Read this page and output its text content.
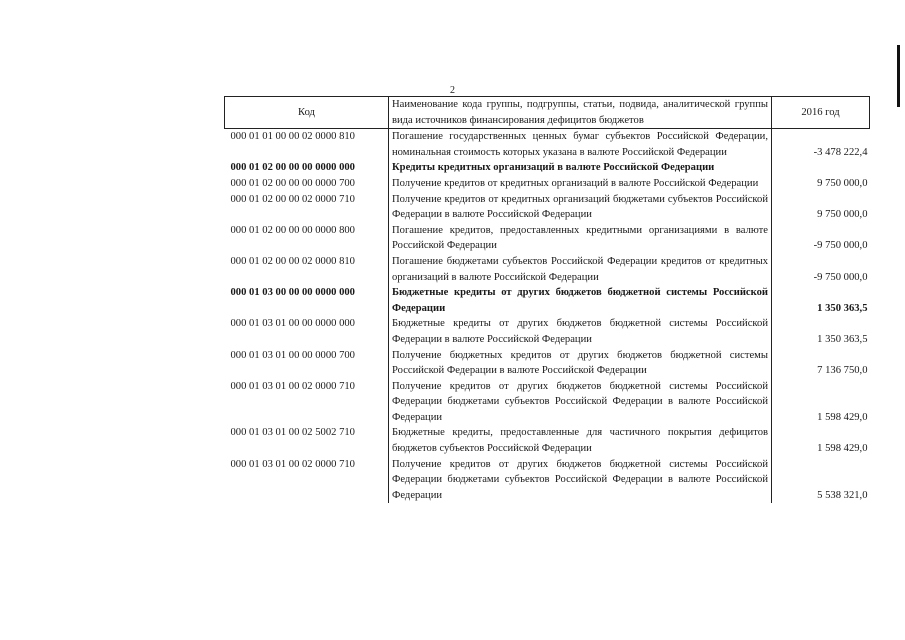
2
Код	Наименование кода группы, подгруппы, статьи, подвида, аналитической группы вида источников финансирования дефицитов бюджетов	2016 год
000 01 01 00 00 02 0000 810	Погашение государственных ценных бумаг субъектов Российской Федерации, номинальная стоимость которых указана в валюте Российской Федерации	-3 478 222,4
000 01 02 00 00 00 0000 000	Кредиты кредитных организаций в валюте Российской Федерации	
000 01 02 00 00 00 0000 700	Получение кредитов от кредитных организаций в валюте Российской Федерации	9 750 000,0
000 01 02 00 00 02 0000 710	Получение кредитов от кредитных организаций бюджетами субъектов Российской Федерации в валюте Российской Федерации	9 750 000,0
000 01 02 00 00 00 0000 800	Погашение кредитов, предоставленных кредитными организациями в валюте Российской Федерации	-9 750 000,0
000 01 02 00 00 02 0000 810	Погашение бюджетами субъектов Российской Федерации кредитов от кредитных организаций в валюте Российской Федерации	-9 750 000,0
000 01 03 00 00 00 0000 000	Бюджетные кредиты от других бюджетов бюджетной системы Российской Федерации	1 350 363,5
000 01 03 01 00 00 0000 000	Бюджетные кредиты от других бюджетов бюджетной системы Российской Федерации в валюте Российской Федерации	1 350 363,5
000 01 03 01 00 00 0000 700	Получение бюджетных кредитов от других бюджетов бюджетной системы Российской Федерации в валюте Российской Федерации	7 136 750,0
000 01 03 01 00 02 0000 710	Получение кредитов от других бюджетов бюджетной системы Российской Федерации бюджетами субъектов Российской Федерации в валюте Российской Федерации	1 598 429,0
000 01 03 01 00 02 5002 710	Бюджетные кредиты, предоставленные для частичного покрытия дефицитов бюджетов субъектов Российской Федерации	1 598 429,0
000 01 03 01 00 02 0000 710	Получение кредитов от других бюджетов бюджетной системы Российской Федерации бюджетами субъектов Российской Федерации в валюте Российской Федерации	5 538 321,0
